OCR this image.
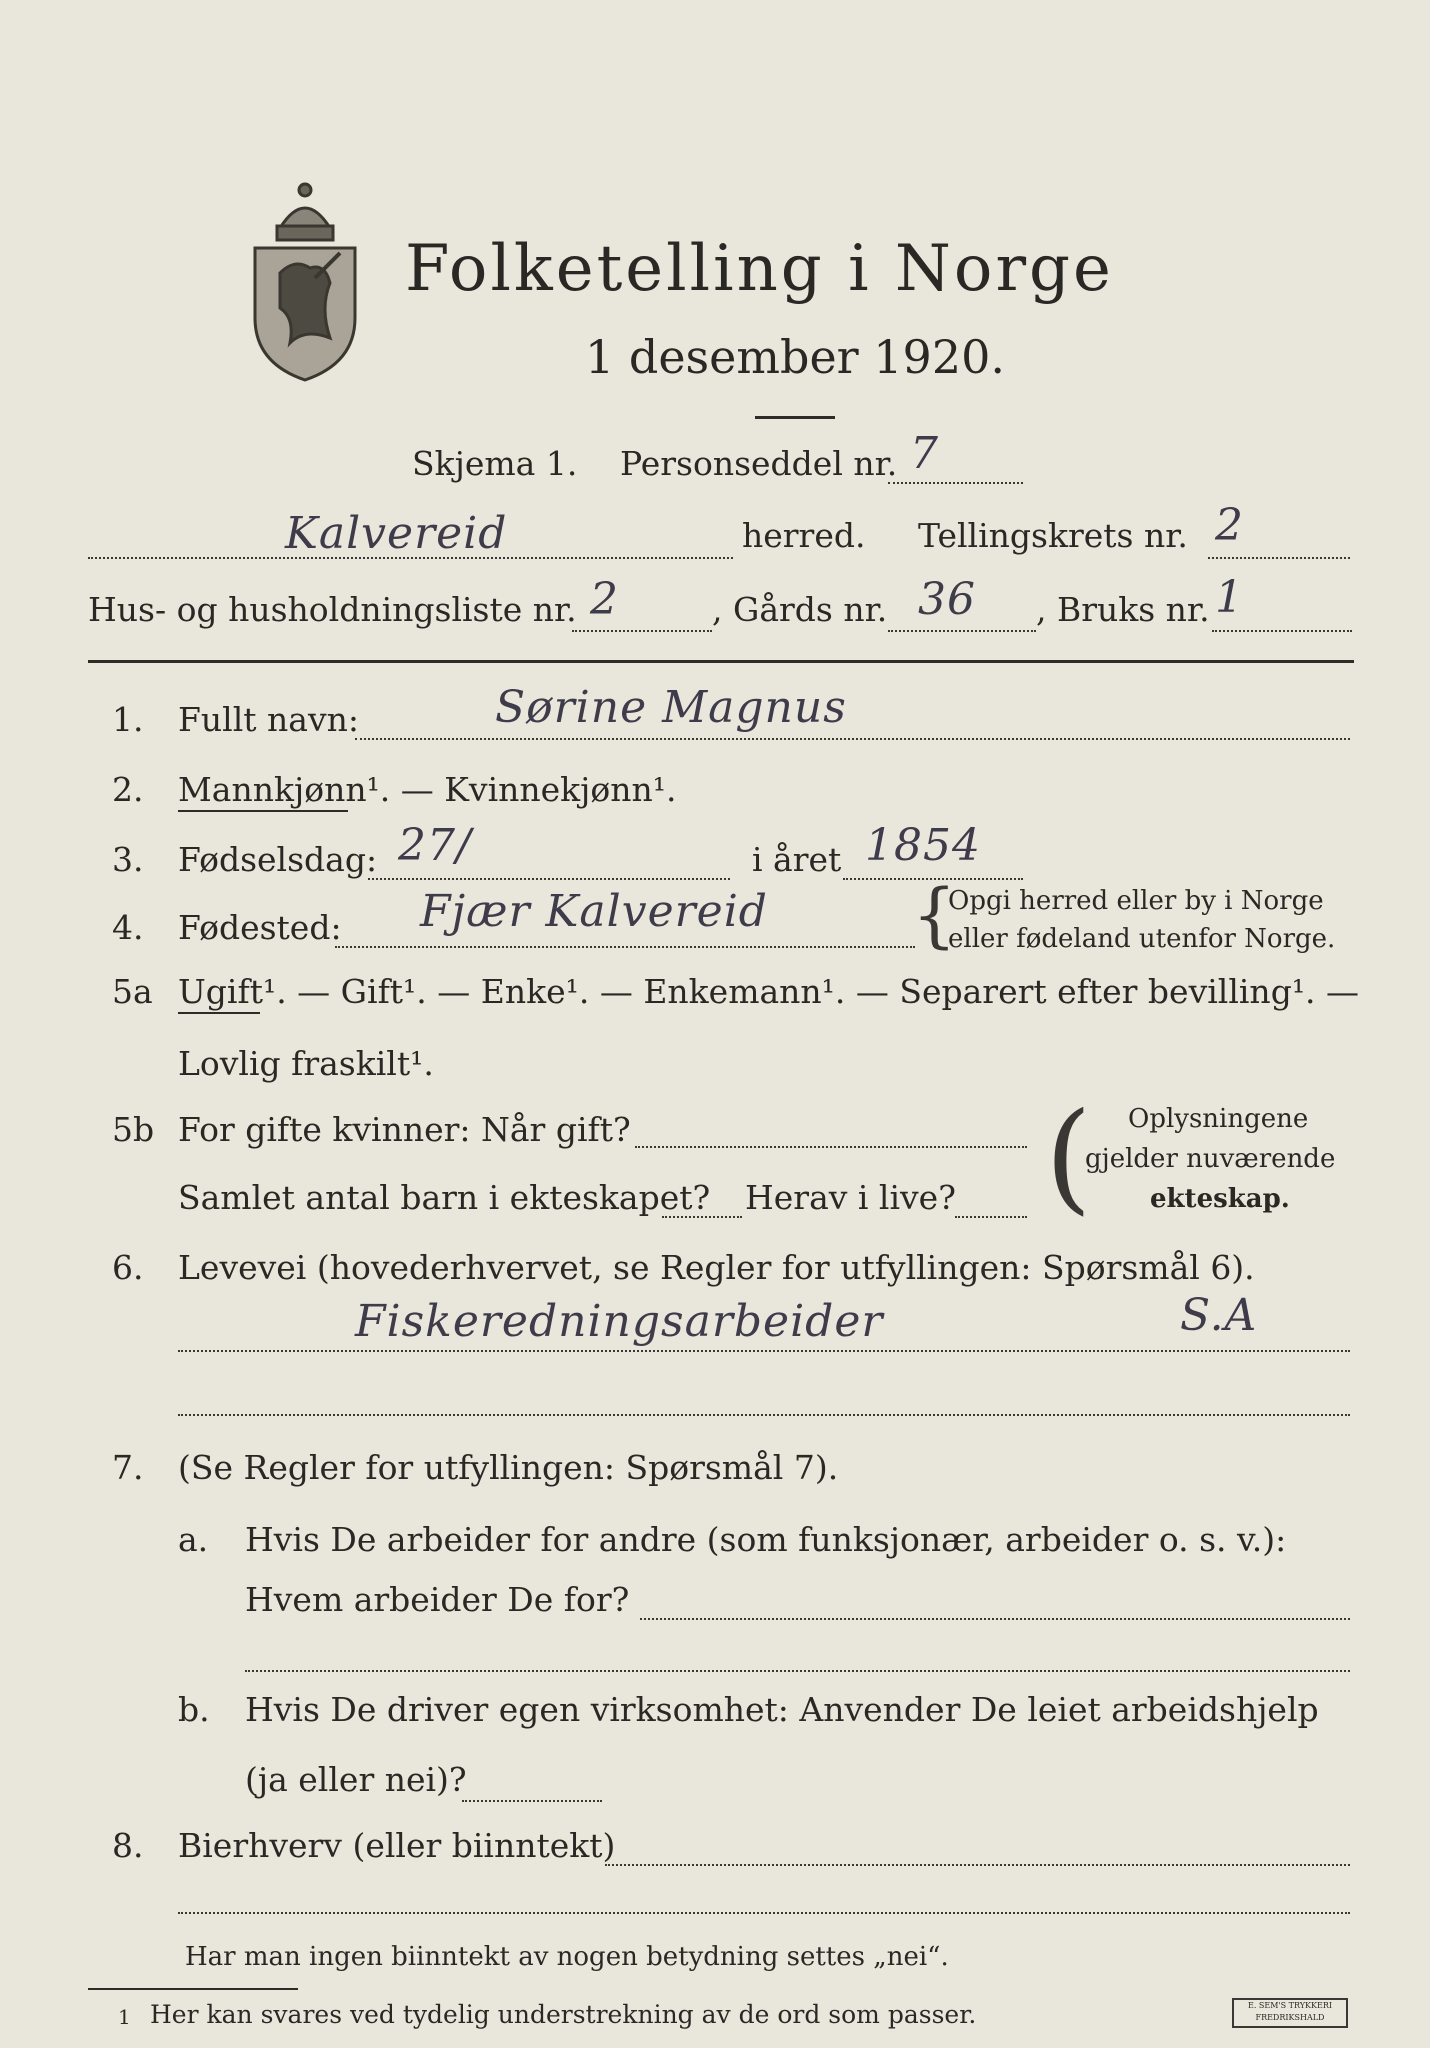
Folketelling i Norge
1 desember 1920.
Skjema 1. Personseddel nr. 7
Kalvereid	herred. Tellingskrets nr. 2
Hus- og husholdningsliste nr. 2	, Gårds nr. 36 , Bruks nr. 1
1. Fullt navn:	Sørine Magnus
2. Mannkjønn¹. — Kvinnekjønn¹.
3. Fødselsdag: 27/	i året 1854
4. Fødested: Fjær Kalvereid {
Opgi herred eller by i Norge
eller fødeland utenfor Norge.
5a Ugift¹. — Gift¹. — Enke¹. — Enkemann¹. — Separert efter bevilling¹. —
Lovlig fraskilt¹.
5b For gifte kvinner: Når gift?
Samlet antal barn i ekteskapet? Herav i live? ( Oplysningene
gjelder nuværende
ekteskap.
6. Levevei (hovederhvervet, se Regler for utfyllingen: Spørsmål 6).
Fiskeredningsarbeider	S.A
7. (Se Regler for utfyllingen: Spørsmål 7).
a. Hvis De arbeider for andre (som funksjonær, arbeider o. s. v.):
Hvem arbeider De for?
b. Hvis De driver egen virksomhet: Anvender De leiet arbeidshjelp
(ja eller nei)?
8. Bierhverv (eller biinntekt)
Har man ingen biinntekt av nogen betydning settes „nei“.
1 Her kan svares ved tydelig understrekning av de ord som passer.	E. SEM'S TRYKKERI FREDRIKSHALD
